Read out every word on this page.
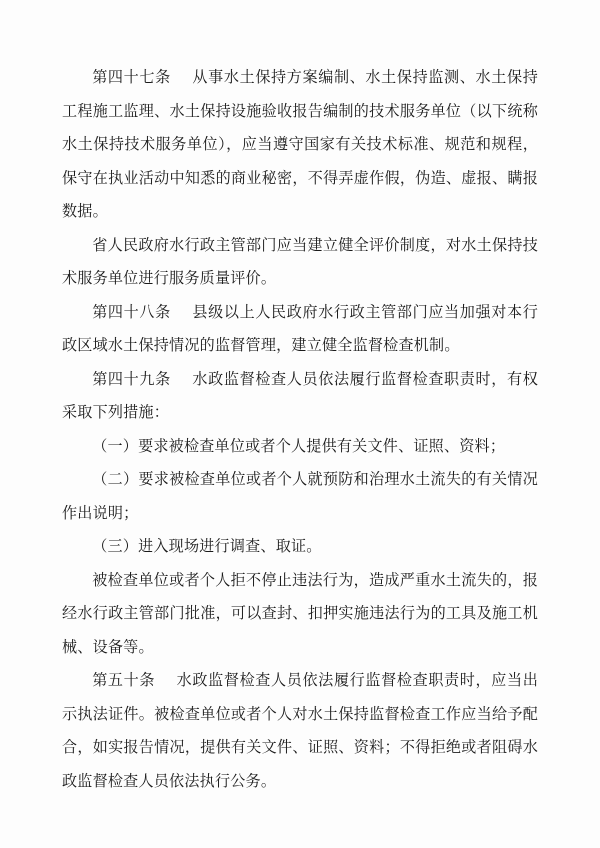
第四十七条 从事水土保持方案编制、水土保持监测、水土保持工程施工监理、水土保持设施验收报告编制的技术服务单位（以下统称水土保持技术服务单位），应当遵守国家有关技术标准、规范和规程，保守在执业活动中知悉的商业秘密，不得弄虚作假，伪造、虚报、瞒报数据。

省人民政府水行政主管部门应当建立健全评价制度，对水土保持技术服务单位进行服务质量评价。

第四十八条 县级以上人民政府水行政主管部门应当加强对本行政区域水土保持情况的监督管理，建立健全监督检查机制。

第四十九条 水政监督检查人员依法履行监督检查职责时，有权采取下列措施：

（一）要求被检查单位或者个人提供有关文件、证照、资料；

（二）要求被检查单位或者个人就预防和治理水土流失的有关情况作出说明；

（三）进入现场进行调查、取证。

被检查单位或者个人拒不停止违法行为，造成严重水土流失的，报经水行政主管部门批准，可以查封、扣押实施违法行为的工具及施工机械、设备等。

第五十条 水政监督检查人员依法履行监督检查职责时，应当出示执法证件。被检查单位或者个人对水土保持监督检查工作应当给予配合，如实报告情况，提供有关文件、证照、资料；不得拒绝或者阻碍水政监督检查人员依法执行公务。
